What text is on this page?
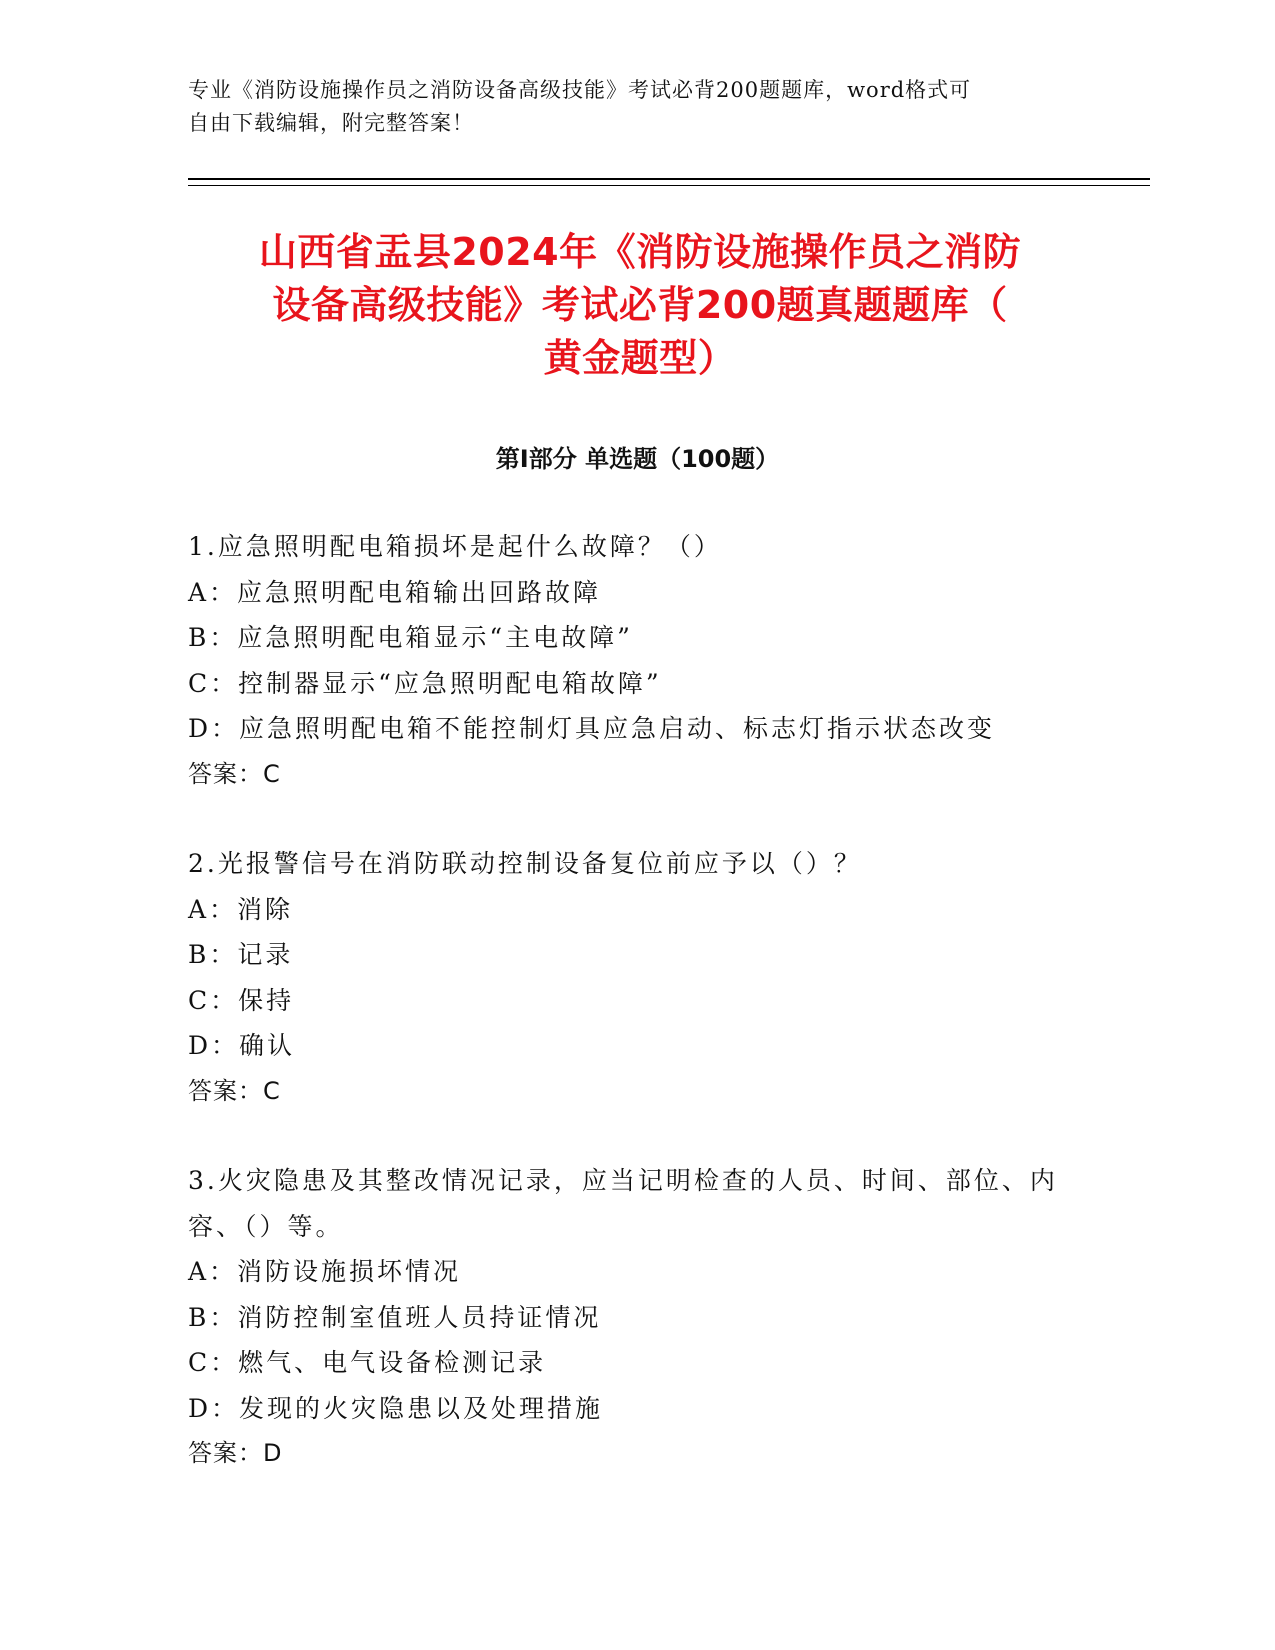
专业《消防设施操作员之消防设备高级技能》考试必背200题题库，word格式可
自由下载编辑，附完整答案！
山西省盂县2024年《消防设施操作员之消防
设备高级技能》考试必背200题真题题库（
黄金题型）
第Ⅰ部分 单选题（100题）
1.应急照明配电箱损坏是起什么故障？（）
A：应急照明配电箱输出回路故障
B：应急照明配电箱显示“主电故障”
C：控制器显示“应急照明配电箱故障”
D：应急照明配电箱不能控制灯具应急启动、标志灯指示状态改变
答案：C
2.光报警信号在消防联动控制设备复位前应予以（）？
A：消除
B：记录
C：保持
D：确认
答案：C
3.火灾隐患及其整改情况记录，应当记明检查的人员、时间、部位、内容、（）等。
A：消防设施损坏情况
B：消防控制室值班人员持证情况
C：燃气、电气设备检测记录
D：发现的火灾隐患以及处理措施
答案：D
